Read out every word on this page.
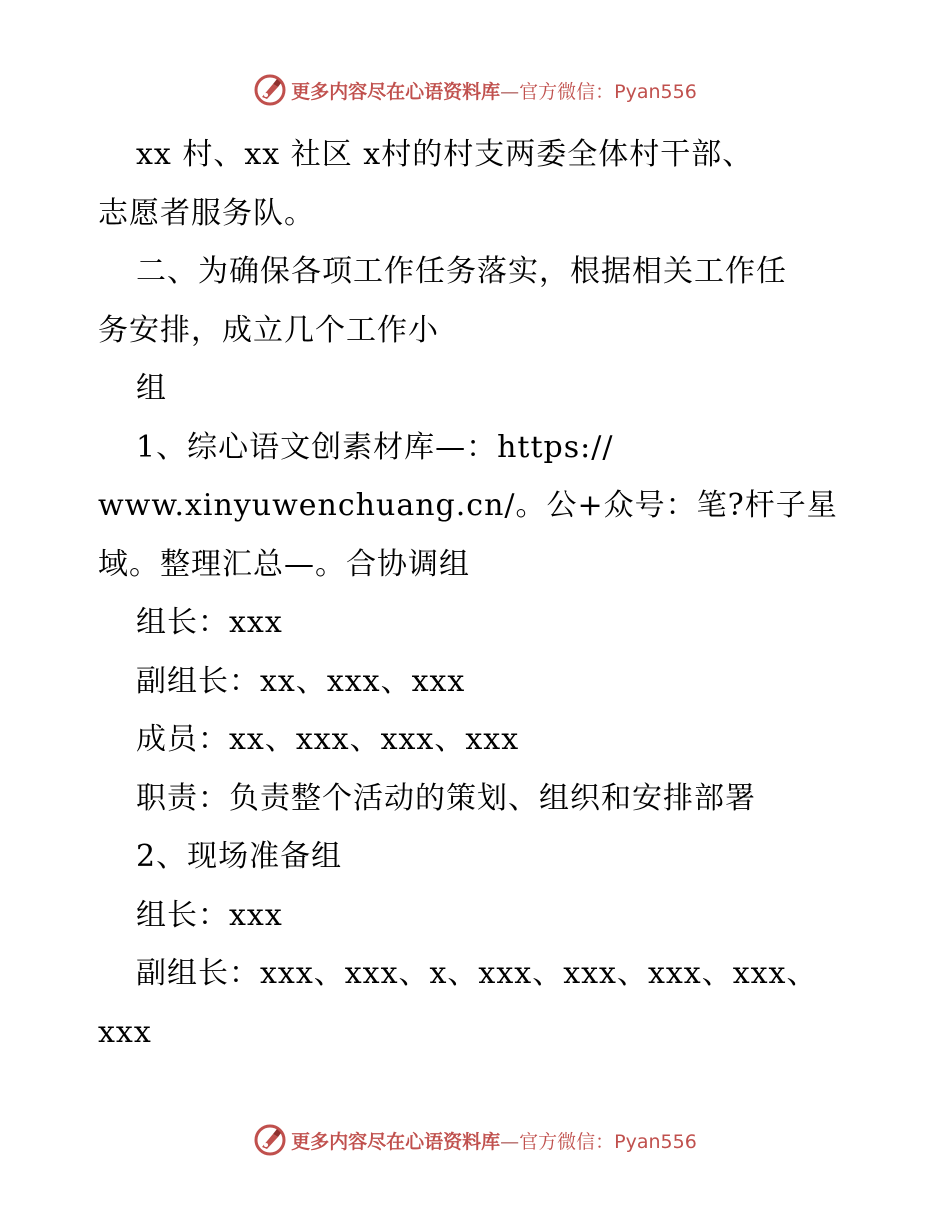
更多内容尽在心语资料库—官方微信：Pyan556
xx 村、xx 社区 x村的村支两委全体村干部、
志愿者服务队。
二、为确保各项工作任务落实，根据相关工作任
务安排，成立几个工作小
组
1、综心语文创素材库—：https://
www.xinyuwenchuang.cn/。公+众号：笔?杆子星
域。整理汇总—。合协调组
组长：xxx
副组长：xx、xxx、xxx
成员：xx、xxx、xxx、xxx
职责：负责整个活动的策划、组织和安排部署
2、现场准备组
组长：xxx
副组长：xxx、xxx、x、xxx、xxx、xxx、xxx、
xxx
更多内容尽在心语资料库—官方微信：Pyan556
